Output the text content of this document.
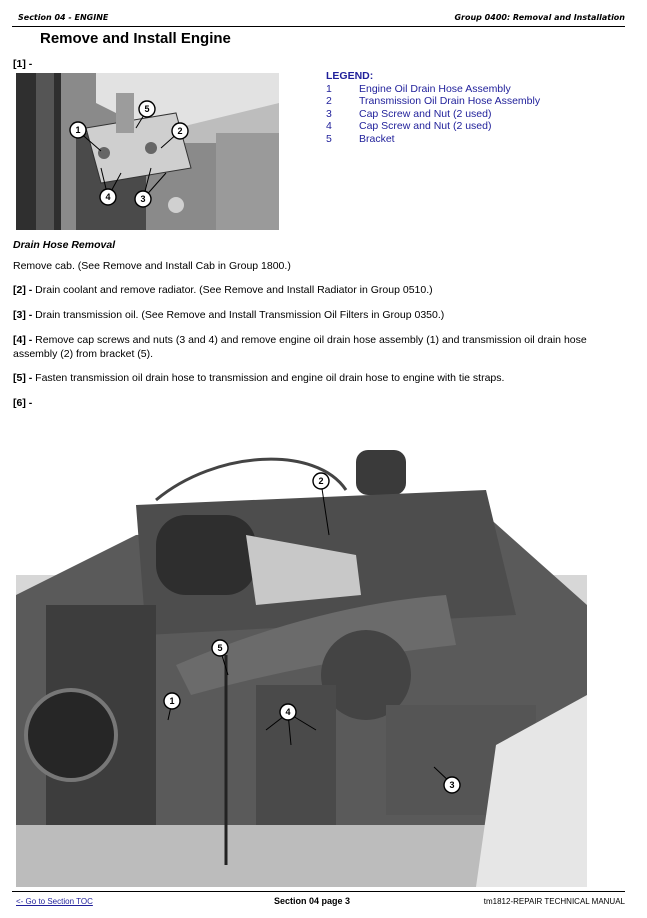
Section 04 - ENGINE	Group 0400: Removal and Installation
Remove and Install Engine
[1] -
1
5
2
4	3
LEGEND:
1	Engine Oil Drain Hose Assembly
2	Transmission Oil Drain Hose Assembly
3	Cap Screw and Nut (2 used)
4	Cap Screw and Nut (2 used)
5	Bracket
Drain Hose Removal
Remove cab. (See Remove and Install Cab in Group 1800.)
[2] - Drain coolant and remove radiator. (See Remove and Install Radiator in Group 0510.)
[3] - Drain transmission oil. (See Remove and Install Transmission Oil Filters in Group 0350.)
[4] - Remove cap screws and nuts (3 and 4) and remove engine oil drain hose assembly (1) and transmission oil drain hose assembly (2) from bracket (5).
[5] - Fasten transmission oil drain hose to transmission and engine oil drain hose to engine with tie straps.
[6] -
2
5
1
4
3
<- Go to Section TOC	Section 04 page 3	tm1812-REPAIR TECHNICAL MANUAL
